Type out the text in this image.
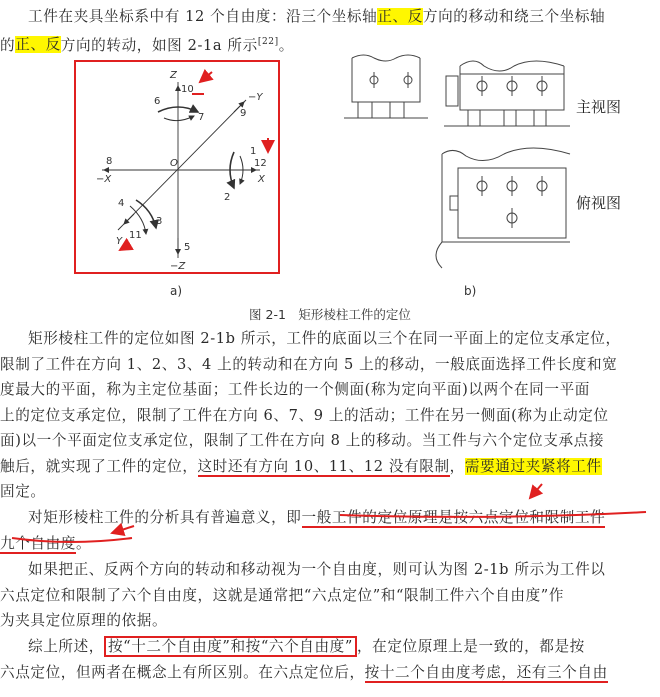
工件在夹具坐标系中有 12 个自由度：沿三个坐标轴正、反方向的移动和绕三个坐标轴
的正、反方向的转动，如图 2-1a 所示[22]。
Z
−Z
−Y
Y
X
−X
O
1
2
3
4
5
6
7
8
9
10
11
12
a)
主视图
俯视图
b)
图 2-1　矩形棱柱工件的定位
矩形棱柱工件的定位如图 2-1b 所示，工件的底面以三个在同一平面上的定位支承定位，
限制了工件在方向 1、2、3、4 上的转动和在方向 5 上的移动，一般底面选择工件长度和宽
度最大的平面，称为主定位基面；工件长边的一个侧面(称为定向平面)以两个在同一平面
上的定位支承定位，限制了工件在方向 6、7、9 上的活动；工件在另一侧面(称为止动定位
面)以一个平面定位支承定位，限制了工件在方向 8 上的移动。当工件与六个定位支承点接
触后，就实现了工件的定位，这时还有方向 10、11、12 没有限制，需要通过夹紧将工件
固定。
对矩形棱柱工件的分析具有普遍意义，即一般工件的定位原理是按六点定位和限制工件
九个自由度。
如果把正、反两个方向的转动和移动视为一个自由度，则可认为图 2-1b 所示为工件以
六点定位和限制了六个自由度，这就是通常把“六点定位”和“限制工件六个自由度”作
为夹具定位原理的依据。
综上所述， 按“十二个自由度”和按“六个自由度” ，在定位原理上是一致的，都是按
六点定位，但两者在概念上有所区别。在六点定位后，按十二个自由度考虑，还有三个自由
